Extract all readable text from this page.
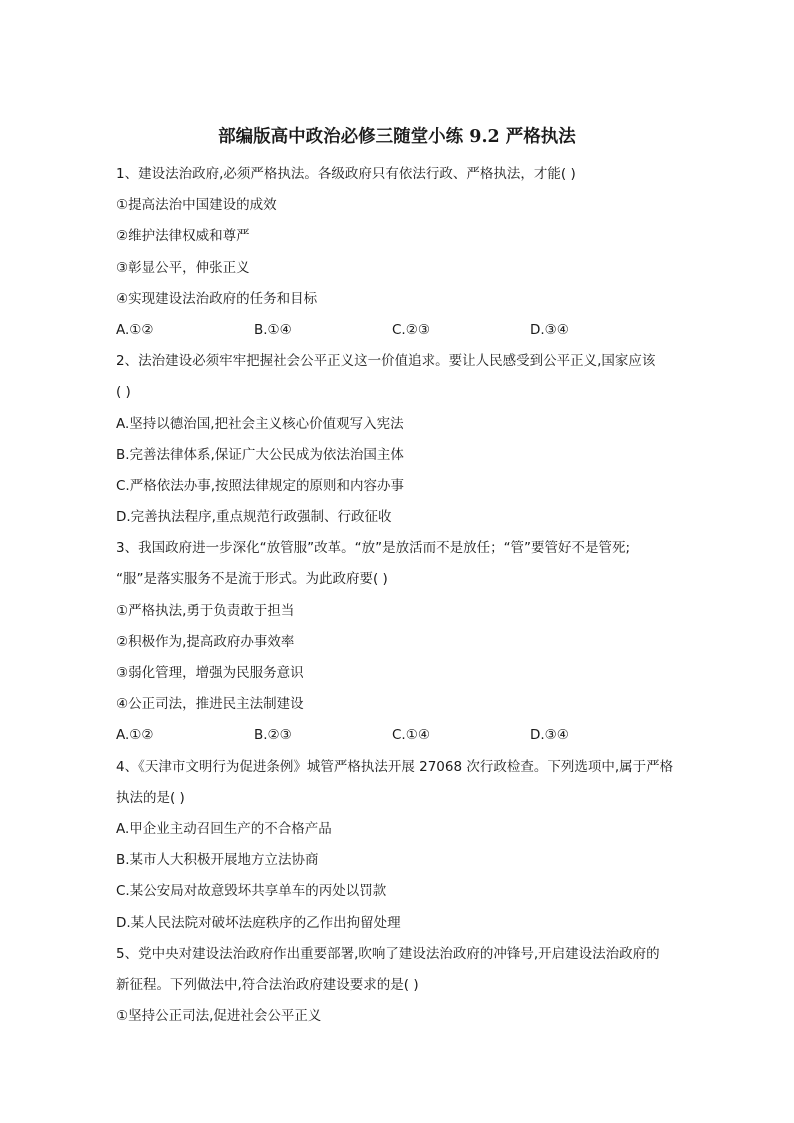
部编版高中政治必修三随堂小练 9.2 严格执法
1、建设法治政府,必须严格执法。各级政府只有依法行政、严格执法，才能( )
①提高法治中国建设的成效
②维护法律权威和尊严
③彰显公平，伸张正义
④实现建设法治政府的任务和目标
A.①②	B.①④	C.②③	D.③④
2、法治建设必须牢牢把握社会公平正义这一价值追求。要让人民感受到公平正义,国家应该
( )
A.坚持以德治国,把社会主义核心价值观写入宪法
B.完善法律体系,保证广大公民成为依法治国主体
C.严格依法办事,按照法律规定的原则和内容办事
D.完善执法程序,重点规范行政强制、行政征收
3、我国政府进一步深化“放管服”改革。“放”是放活而不是放任；“管”要管好不是管死;
“服”是落实服务不是流于形式。为此政府要( )
①严格执法,勇于负责敢于担当
②积极作为,提高政府办事效率
③弱化管理，增强为民服务意识
④公正司法，推进民主法制建设
A.①②	B.②③	C.①④	D.③④
4、《天津市文明行为促进条例》城管严格执法开展 27068 次行政检查。下列选项中,属于严格
执法的是( )
A.甲企业主动召回生产的不合格产品
B.某市人大积极开展地方立法协商
C.某公安局对故意毁坏共享单车的丙处以罚款
D.某人民法院对破坏法庭秩序的乙作出拘留处理
5、党中央对建设法治政府作出重要部署,吹响了建设法治政府的冲锋号,开启建设法治政府的
新征程。下列做法中,符合法治政府建设要求的是( )
①坚持公正司法,促进社会公平正义
